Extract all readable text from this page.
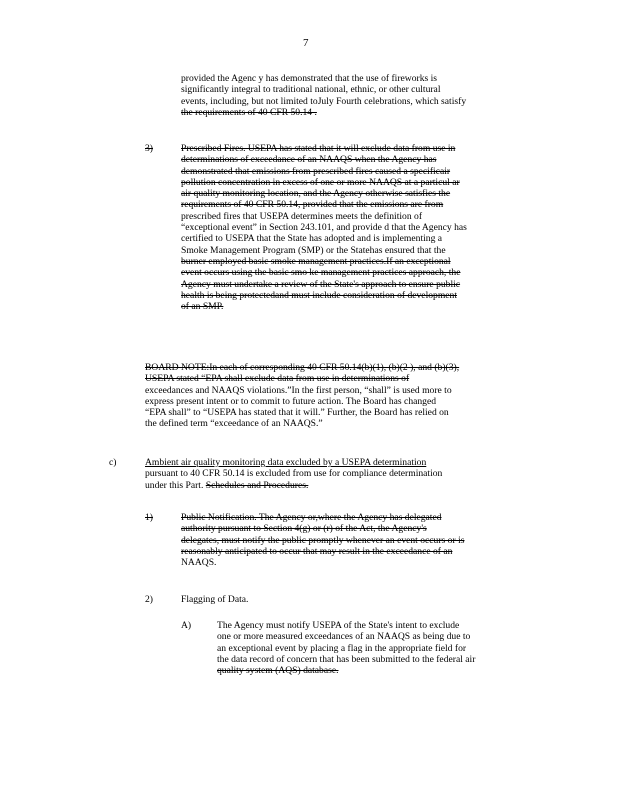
7
provided the Agenc y has demonstrated that the use of fireworks is
significantly integral to traditional national, ethnic, or other cultural
events, including, but not limited toJuly Fourth celebrations, which satisfy
the requirements of 40 CFR 50.14 .
3)	Prescribed Fires. USEPA has stated that it will exclude data from use in
determinations of exceedance of an NAAQS when the Agency has
demonstrated that emissions from prescribed fires caused a specificair
pollution concentration in excess of one or more NAAQS at a particul ar
air quality monitoring location, and the Agency otherwise satisfies the
requirements of 40 CFR 50.14, provided that the emissions are from
prescribed fires that USEPA determines meets the definition of
“exceptional event” in Section 243.101, and provide d that the Agency has
certified to USEPA that the State has adopted and is implementing a
Smoke Management Program (SMP) or the Statehas ensured that the
burner employed basic smoke management practices.If an exceptional
event occurs using the basic smo ke management practices approach, the
Agency must undertake a review of the State's approach to ensure public
health is being protectedand must include consideration of development
of an SMP.
BOARD NOTE:In each of corresponding 40 CFR 50.14(b)(1), (b)(2 ), and (b)(3),
USEPA stated “EPA shall exclude data from use in determinations of
exceedances and NAAQS violations.”In the first person, “shall” is used more to
express present intent or to commit to future action. The Board has changed
“EPA shall” to “USEPA has stated that it will.” Further, the Board has relied on
the defined term “exceedance of an NAAQS.”
c)	Ambient air quality monitoring data excluded by a USEPA determination
pursuant to 40 CFR 50.14 is excluded from use for compliance determination
under this Part. Schedules and Procedures.
1)	Public Notification. The Agency or,where the Agency has delegated
authority pursuant to Section 4(g) or (r) of the Act, the Agency's
delegates, must notify the public promptly whenever an event occurs or is
reasonably anticipated to occur that may result in the exceedance of an
NAAQS.
2)	Flagging of Data.
A)	The Agency must notify USEPA of the State's intent to exclude
one or more measured exceedances of an NAAQS as being due to
an exceptional event by placing a flag in the appropriate field for
the data record of concern that has been submitted to the federal air
quality system (AQS) database.
